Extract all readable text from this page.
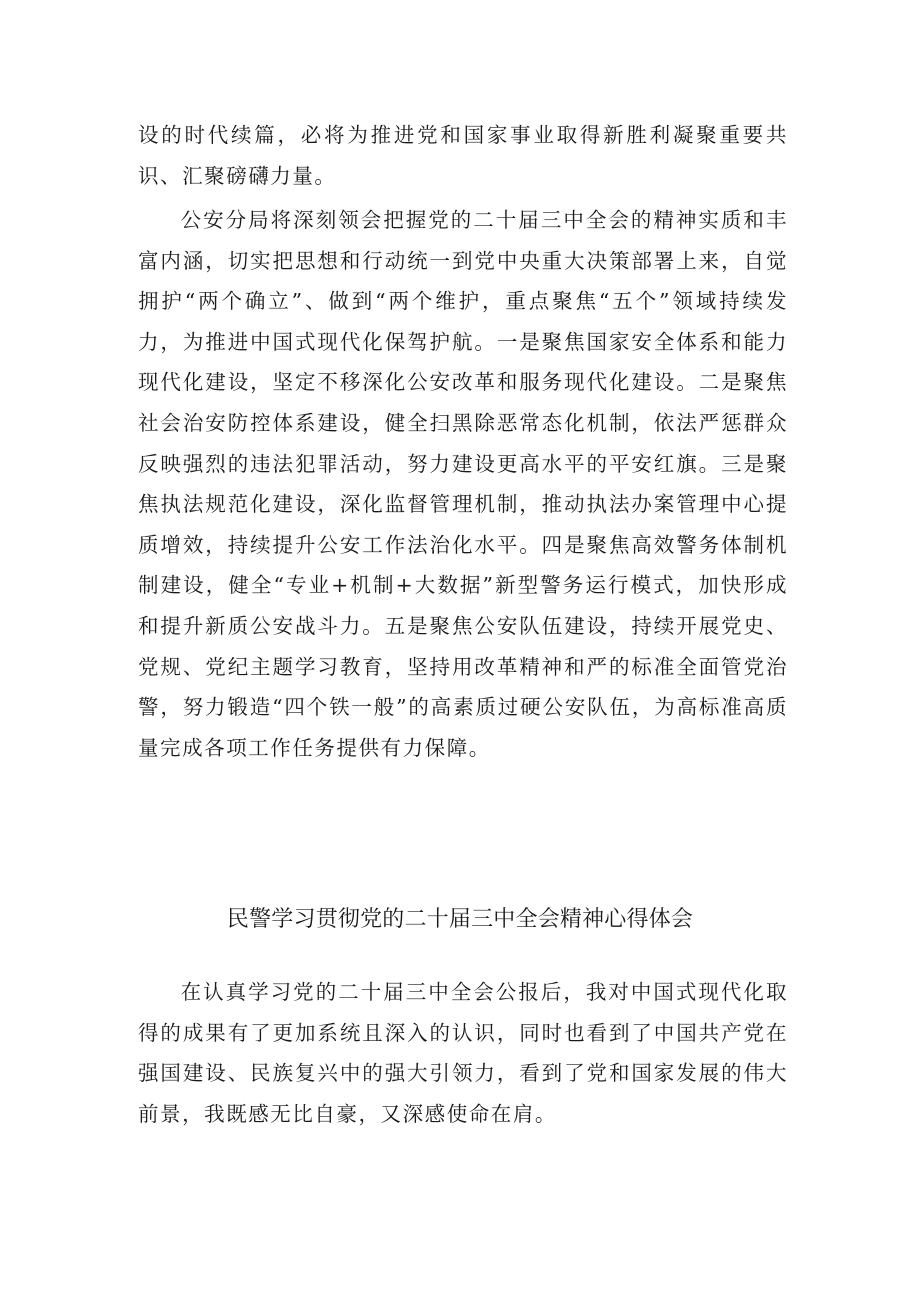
设的时代续篇，必将为推进党和国家事业取得新胜利凝聚重要共识、汇聚磅礴力量。

公安分局将深刻领会把握党的二十届三中全会的精神实质和丰富内涵，切实把思想和行动统一到党中央重大决策部署上来，自觉拥护“两个确立”、做到“两个维护，重点聚焦“五个”领域持续发力，为推进中国式现代化保驾护航。一是聚焦国家安全体系和能力现代化建设，坚定不移深化公安改革和服务现代化建设。二是聚焦社会治安防控体系建设，健全扫黑除恶常态化机制，依法严惩群众反映强烈的违法犯罪活动，努力建设更高水平的平安红旗。三是聚焦执法规范化建设，深化监督管理机制，推动执法办案管理中心提质增效，持续提升公安工作法治化水平。四是聚焦高效警务体制机制建设，健全“专业+机制+大数据”新型警务运行模式，加快形成和提升新质公安战斗力。五是聚焦公安队伍建设，持续开展党史、党规、党纪主题学习教育，坚持用改革精神和严的标准全面管党治警，努力锻造“四个铁一般”的高素质过硬公安队伍，为高标准高质量完成各项工作任务提供有力保障。

民警学习贯彻党的二十届三中全会精神心得体会

在认真学习党的二十届三中全会公报后，我对中国式现代化取得的成果有了更加系统且深入的认识，同时也看到了中国共产党在强国建设、民族复兴中的强大引领力，看到了党和国家发展的伟大前景，我既感无比自豪，又深感使命在肩。
